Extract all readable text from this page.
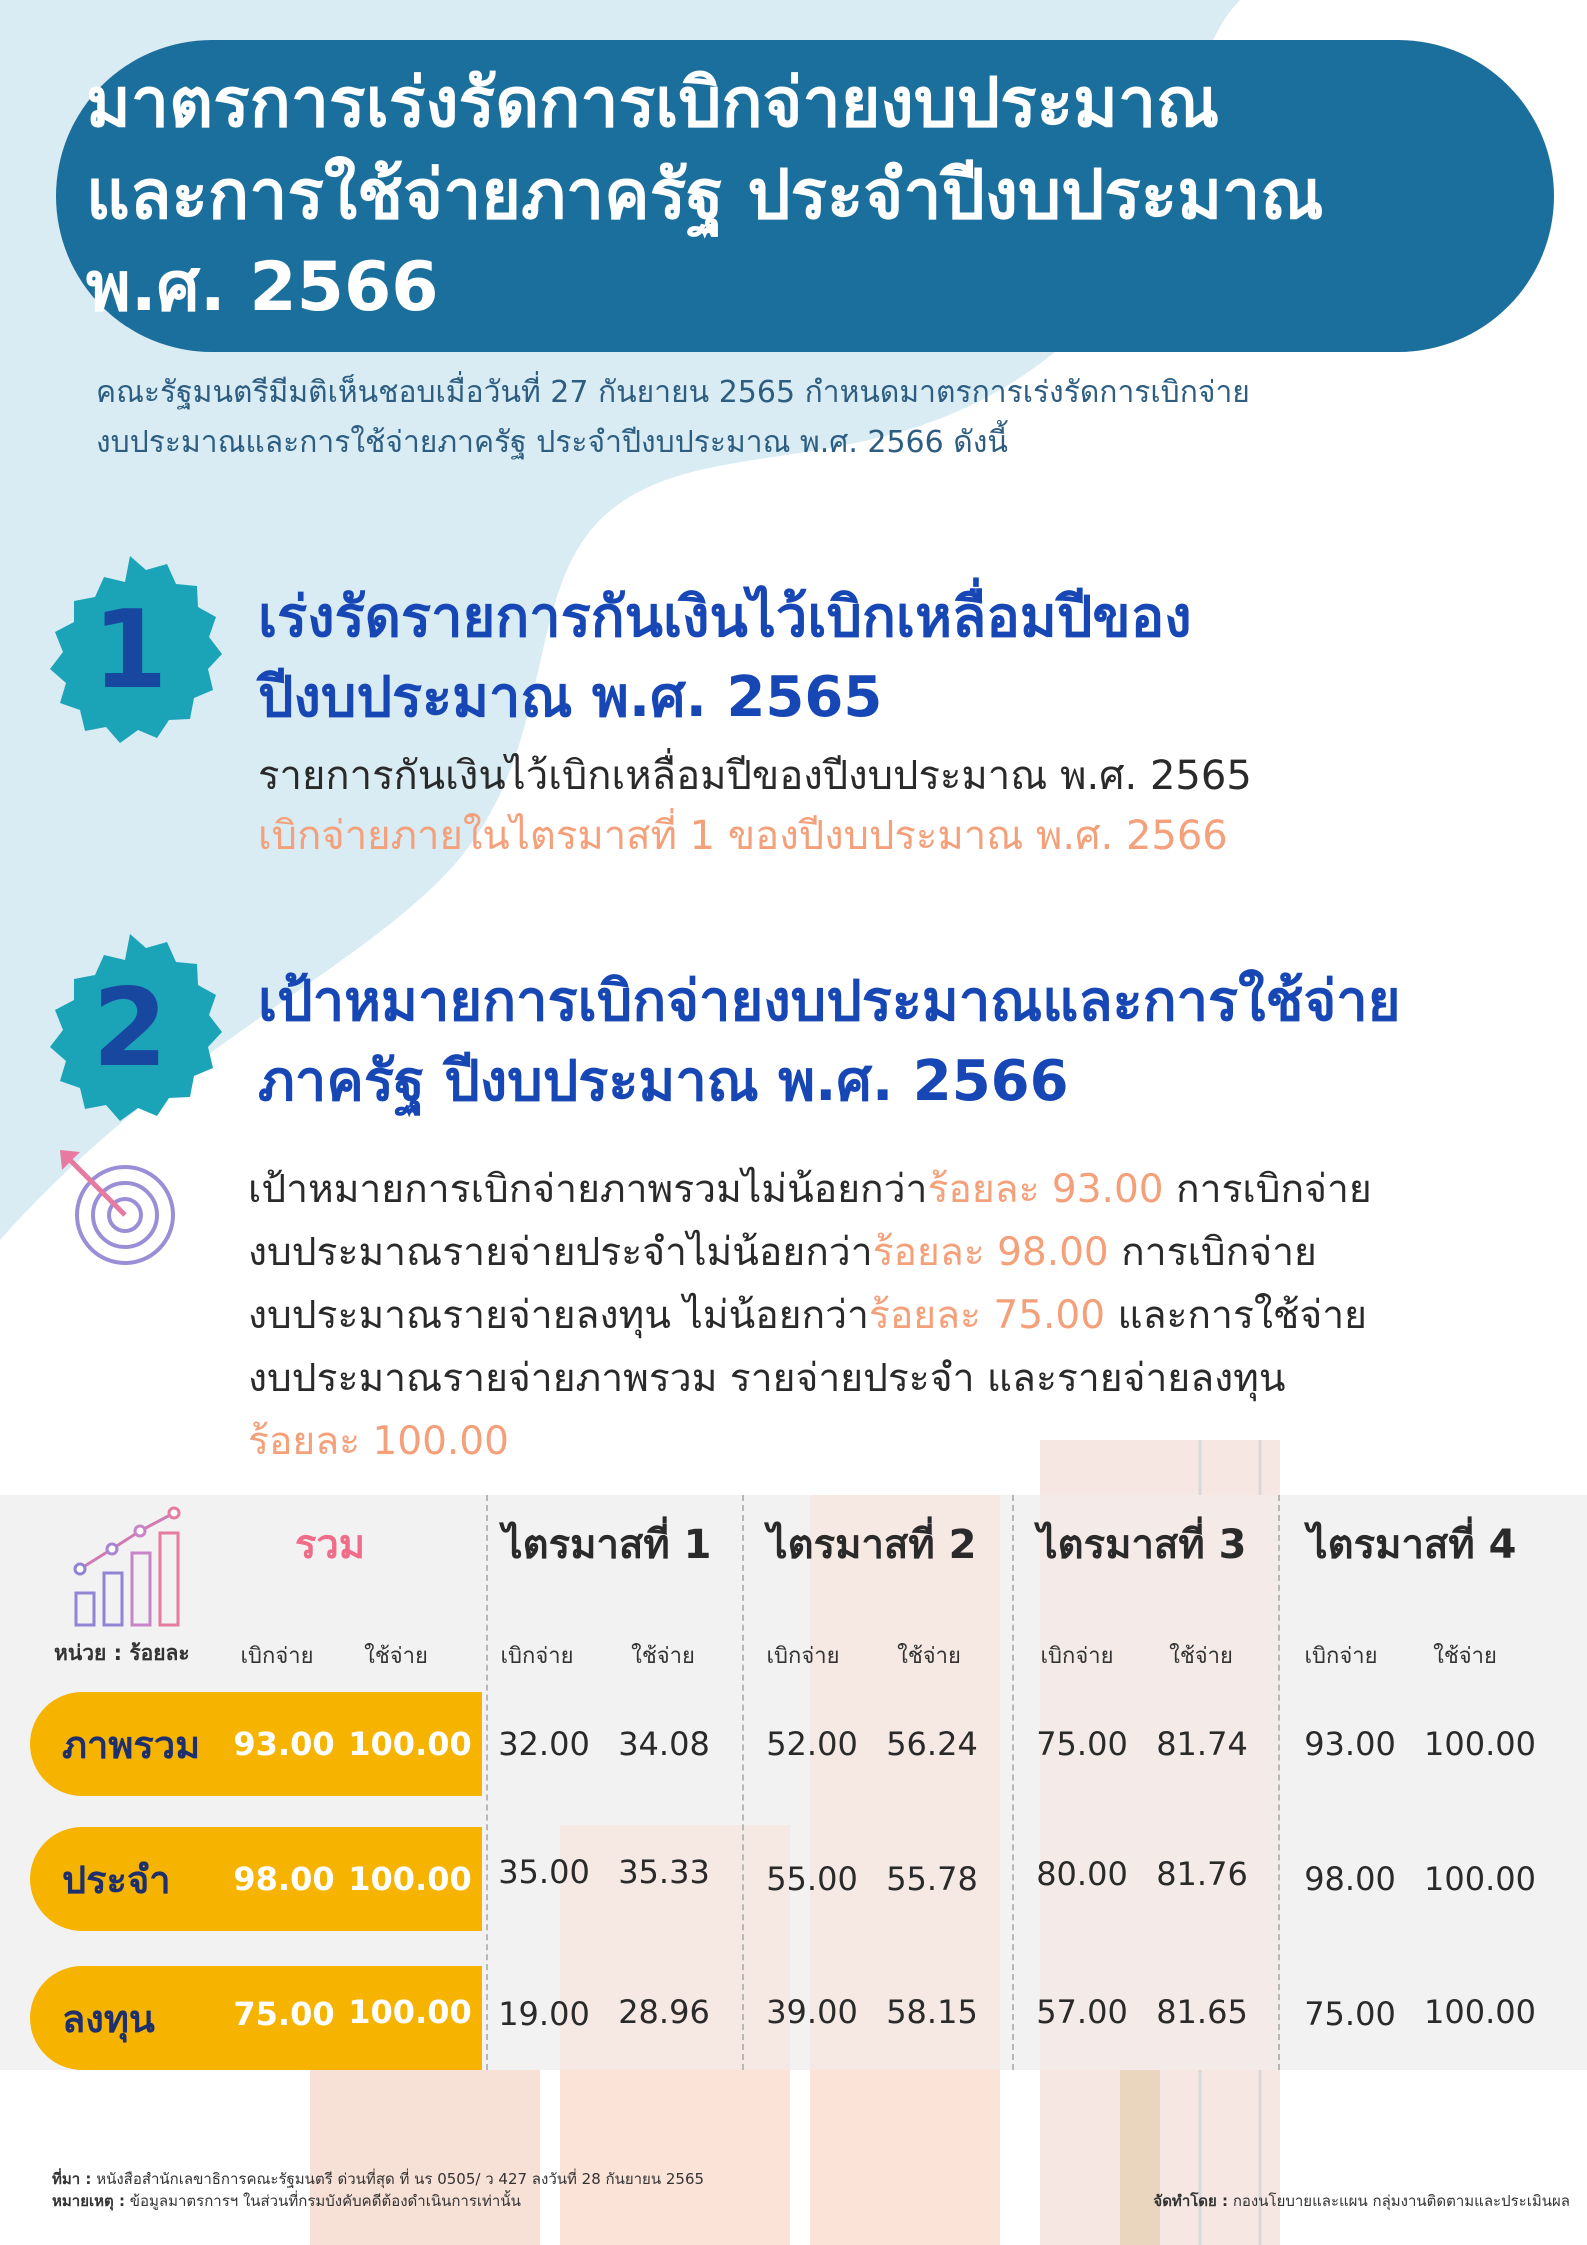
มาตรการเร่งรัดการเบิกจ่ายงบประมาณ
และการใช้จ่ายภาครัฐ ประจำปีงบประมาณ
พ.ศ. 2566
คณะรัฐมนตรีมีมติเห็นชอบเมื่อวันที่ 27 กันยายน 2565 กำหนดมาตรการเร่งรัดการเบิกจ่าย
งบประมาณและการใช้จ่ายภาครัฐ ประจำปีงบประมาณ พ.ศ. 2566 ดังนี้
1	เร่งรัดรายการกันเงินไว้เบิกเหลื่อมปีของ
ปีงบประมาณ พ.ศ. 2565
รายการกันเงินไว้เบิกเหลื่อมปีของปีงบประมาณ พ.ศ. 2565
เบิกจ่ายภายในไตรมาสที่ 1 ของปีงบประมาณ พ.ศ. 2566
2	เป้าหมายการเบิกจ่ายงบประมาณและการใช้จ่าย
ภาครัฐ ปีงบประมาณ พ.ศ. 2566

เป้าหมายการเบิกจ่ายภาพรวมไม่น้อยกว่าร้อยละ 93.00 การเบิกจ่าย
งบประมาณรายจ่ายประจำไม่น้อยกว่าร้อยละ 98.00 การเบิกจ่าย
งบประมาณรายจ่ายลงทุน ไม่น้อยกว่าร้อยละ 75.00 และการใช้จ่าย
งบประมาณรายจ่ายภาพรวม รายจ่ายประจำ และรายจ่ายลงทุน
ร้อยละ 100.00

รวม	ไตรมาสที่ 1	ไตรมาสที่ 2	ไตรมาสที่ 3	ไตรมาสที่ 4
หน่วย : ร้อยละ	เบิกจ่าย	ใช้จ่าย	เบิกจ่าย	ใช้จ่าย	เบิกจ่าย	ใช้จ่าย	เบิกจ่าย	ใช้จ่าย	เบิกจ่าย	ใช้จ่าย
ภาพรวม 93.00 100.00 32.00 34.08	52.00 56.24	75.00 81.74	93.00 100.00
ประจำ 98.00 100.00 35.00 35.33	55.00 55.78	80.00 81.76	98.00 100.00
ลงทุน 75.00 100.00 19.00 28.96	39.00 58.15	57.00 81.65	75.00 100.00

ที่มา : หนังสือสำนักเลขาธิการคณะรัฐมนตรี ด่วนที่สุด ที่ นร 0505/ ว 427 ลงวันที่ 28 กันยายน 2565
หมายเหตุ : ข้อมูลมาตรการฯ ในส่วนที่กรมบังคับคดีต้องดำเนินการเท่านั้น	จัดทำโดย : กองนโยบายและแผน กลุ่มงานติดตามและประเมินผล
